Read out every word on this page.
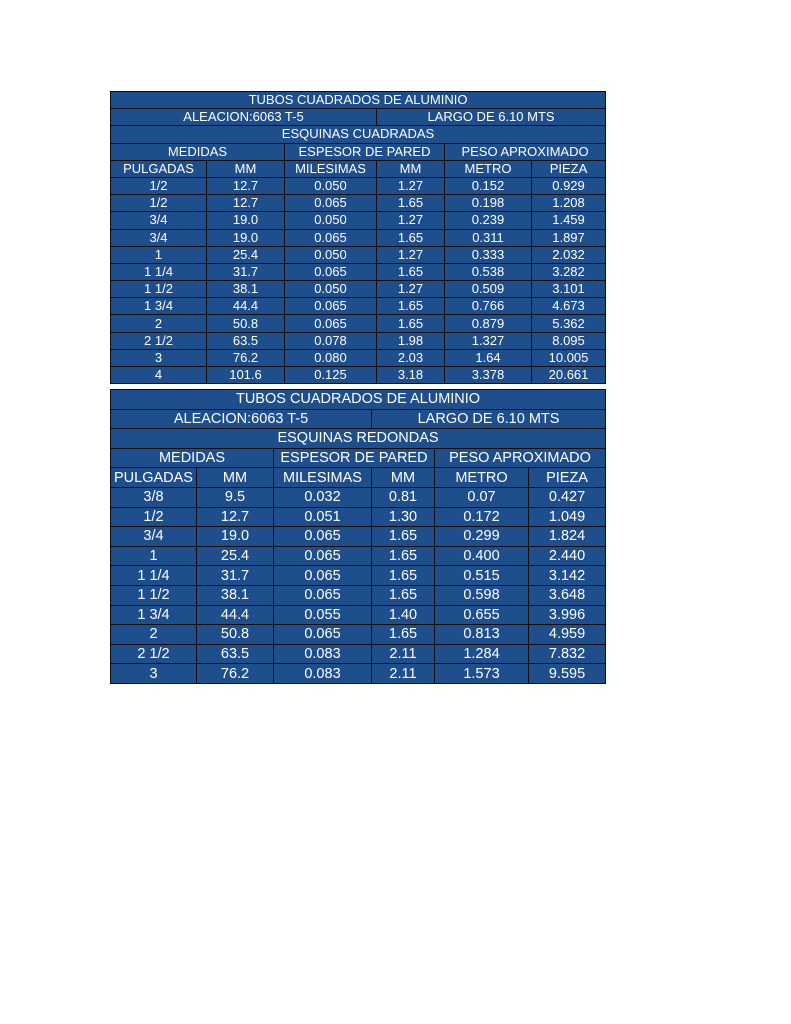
TUBOS CUADRADOS DE ALUMINIO					
ALEACION:6063 T-5			LARGO DE 6.10 MTS		
ESQUINAS CUADRADAS					
MEDIDAS		ESPESOR DE PARED		PESO APROXIMADO	
PULGADAS	MM	MILESIMAS	MM	METRO	PIEZA
1/2	12.7	0.050	1.27	0.152	0.929
1/2	12.7	0.065	1.65	0.198	1.208
3/4	19.0	0.050	1.27	0.239	1.459
3/4	19.0	0.065	1.65	0.311	1.897
1	25.4	0.050	1.27	0.333	2.032
1 1/4	31.7	0.065	1.65	0.538	3.282
1 1/2	38.1	0.050	1.27	0.509	3.101
1 3/4	44.4	0.065	1.65	0.766	4.673
2	50.8	0.065	1.65	0.879	5.362
2 1/2	63.5	0.078	1.98	1.327	8.095
3	76.2	0.080	2.03	1.64	10.005
4	101.6	0.125	3.18	3.378	20.661
TUBOS CUADRADOS DE ALUMINIO					
ALEACION:6063 T-5			LARGO DE 6.10 MTS		
ESQUINAS REDONDAS					
MEDIDAS		ESPESOR DE PARED		PESO APROXIMADO	
PULGADAS	MM	MILESIMAS	MM	METRO	PIEZA
3/8	9.5	0.032	0.81	0.07	0.427
1/2	12.7	0.051	1.30	0.172	1.049
3/4	19.0	0.065	1.65	0.299	1.824
1	25.4	0.065	1.65	0.400	2.440
1 1/4	31.7	0.065	1.65	0.515	3.142
1 1/2	38.1	0.065	1.65	0.598	3.648
1 3/4	44.4	0.055	1.40	0.655	3.996
2	50.8	0.065	1.65	0.813	4.959
2 1/2	63.5	0.083	2.11	1.284	7.832
3	76.2	0.083	2.11	1.573	9.595
